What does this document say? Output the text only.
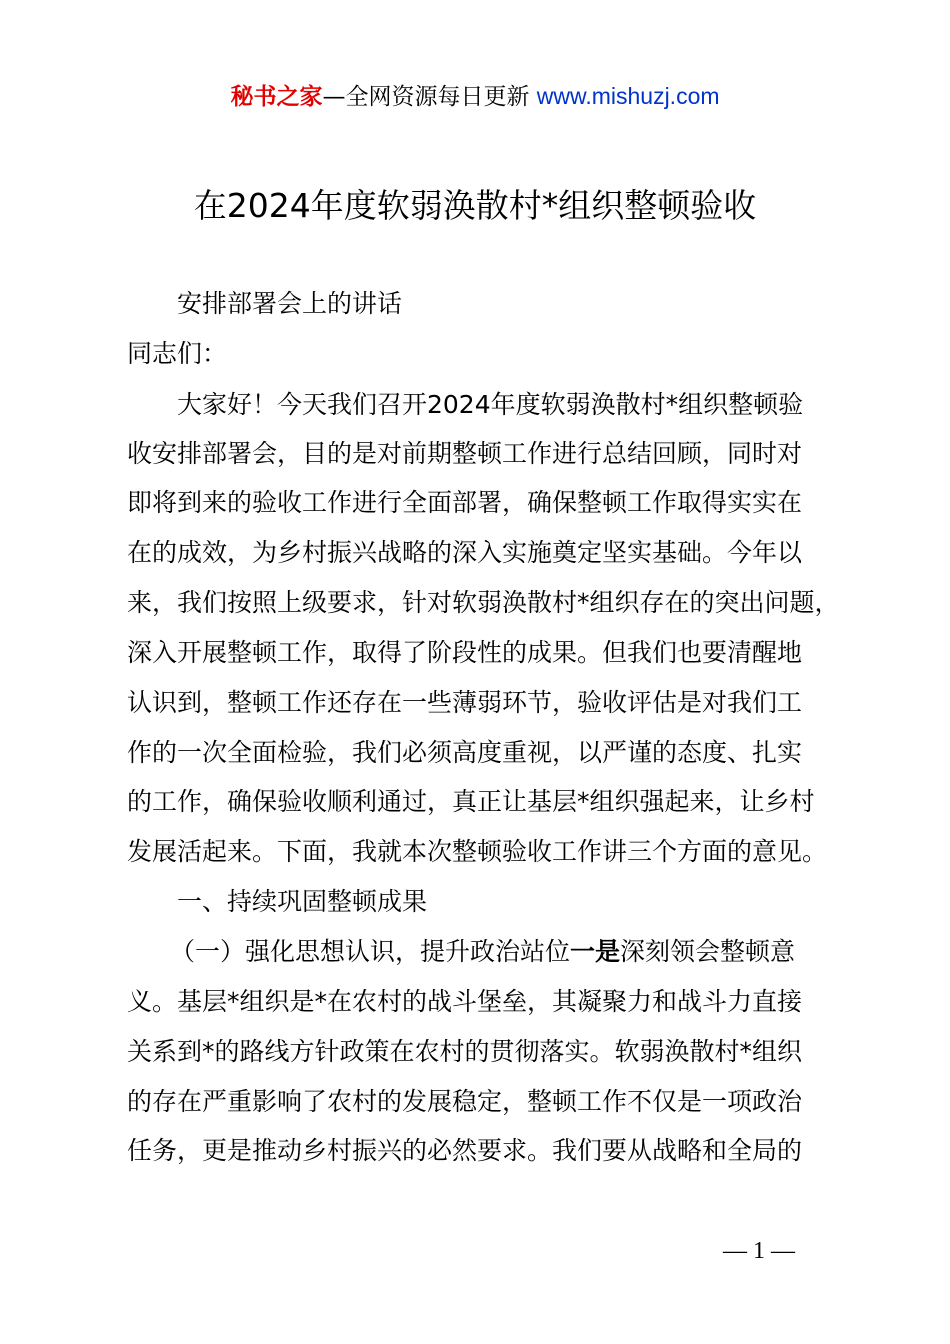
秘书之家—全网资源每日更新 www.mishuzj.com
在2024年度软弱涣散村*组织整顿验收
安排部署会上的讲话
同志们：
大家好！今天我们召开2024年度软弱涣散村*组织整顿验
收安排部署会，目的是对前期整顿工作进行总结回顾，同时对
即将到来的验收工作进行全面部署，确保整顿工作取得实实在
在的成效，为乡村振兴战略的深入实施奠定坚实基础。今年以
来，我们按照上级要求，针对软弱涣散村*组织存在的突出问题，
深入开展整顿工作，取得了阶段性的成果。但我们也要清醒地
认识到，整顿工作还存在一些薄弱环节，验收评估是对我们工
作的一次全面检验，我们必须高度重视，以严谨的态度、扎实
的工作，确保验收顺利通过，真正让基层*组织强起来，让乡村
发展活起来。下面，我就本次整顿验收工作讲三个方面的意见。
一、持续巩固整顿成果
（一）强化思想认识，提升政治站位一是深刻领会整顿意
义。基层*组织是*在农村的战斗堡垒，其凝聚力和战斗力直接
关系到*的路线方针政策在农村的贯彻落实。软弱涣散村*组织
的存在严重影响了农村的发展稳定，整顿工作不仅是一项政治
任务，更是推动乡村振兴的必然要求。我们要从战略和全局的
— 1 —
